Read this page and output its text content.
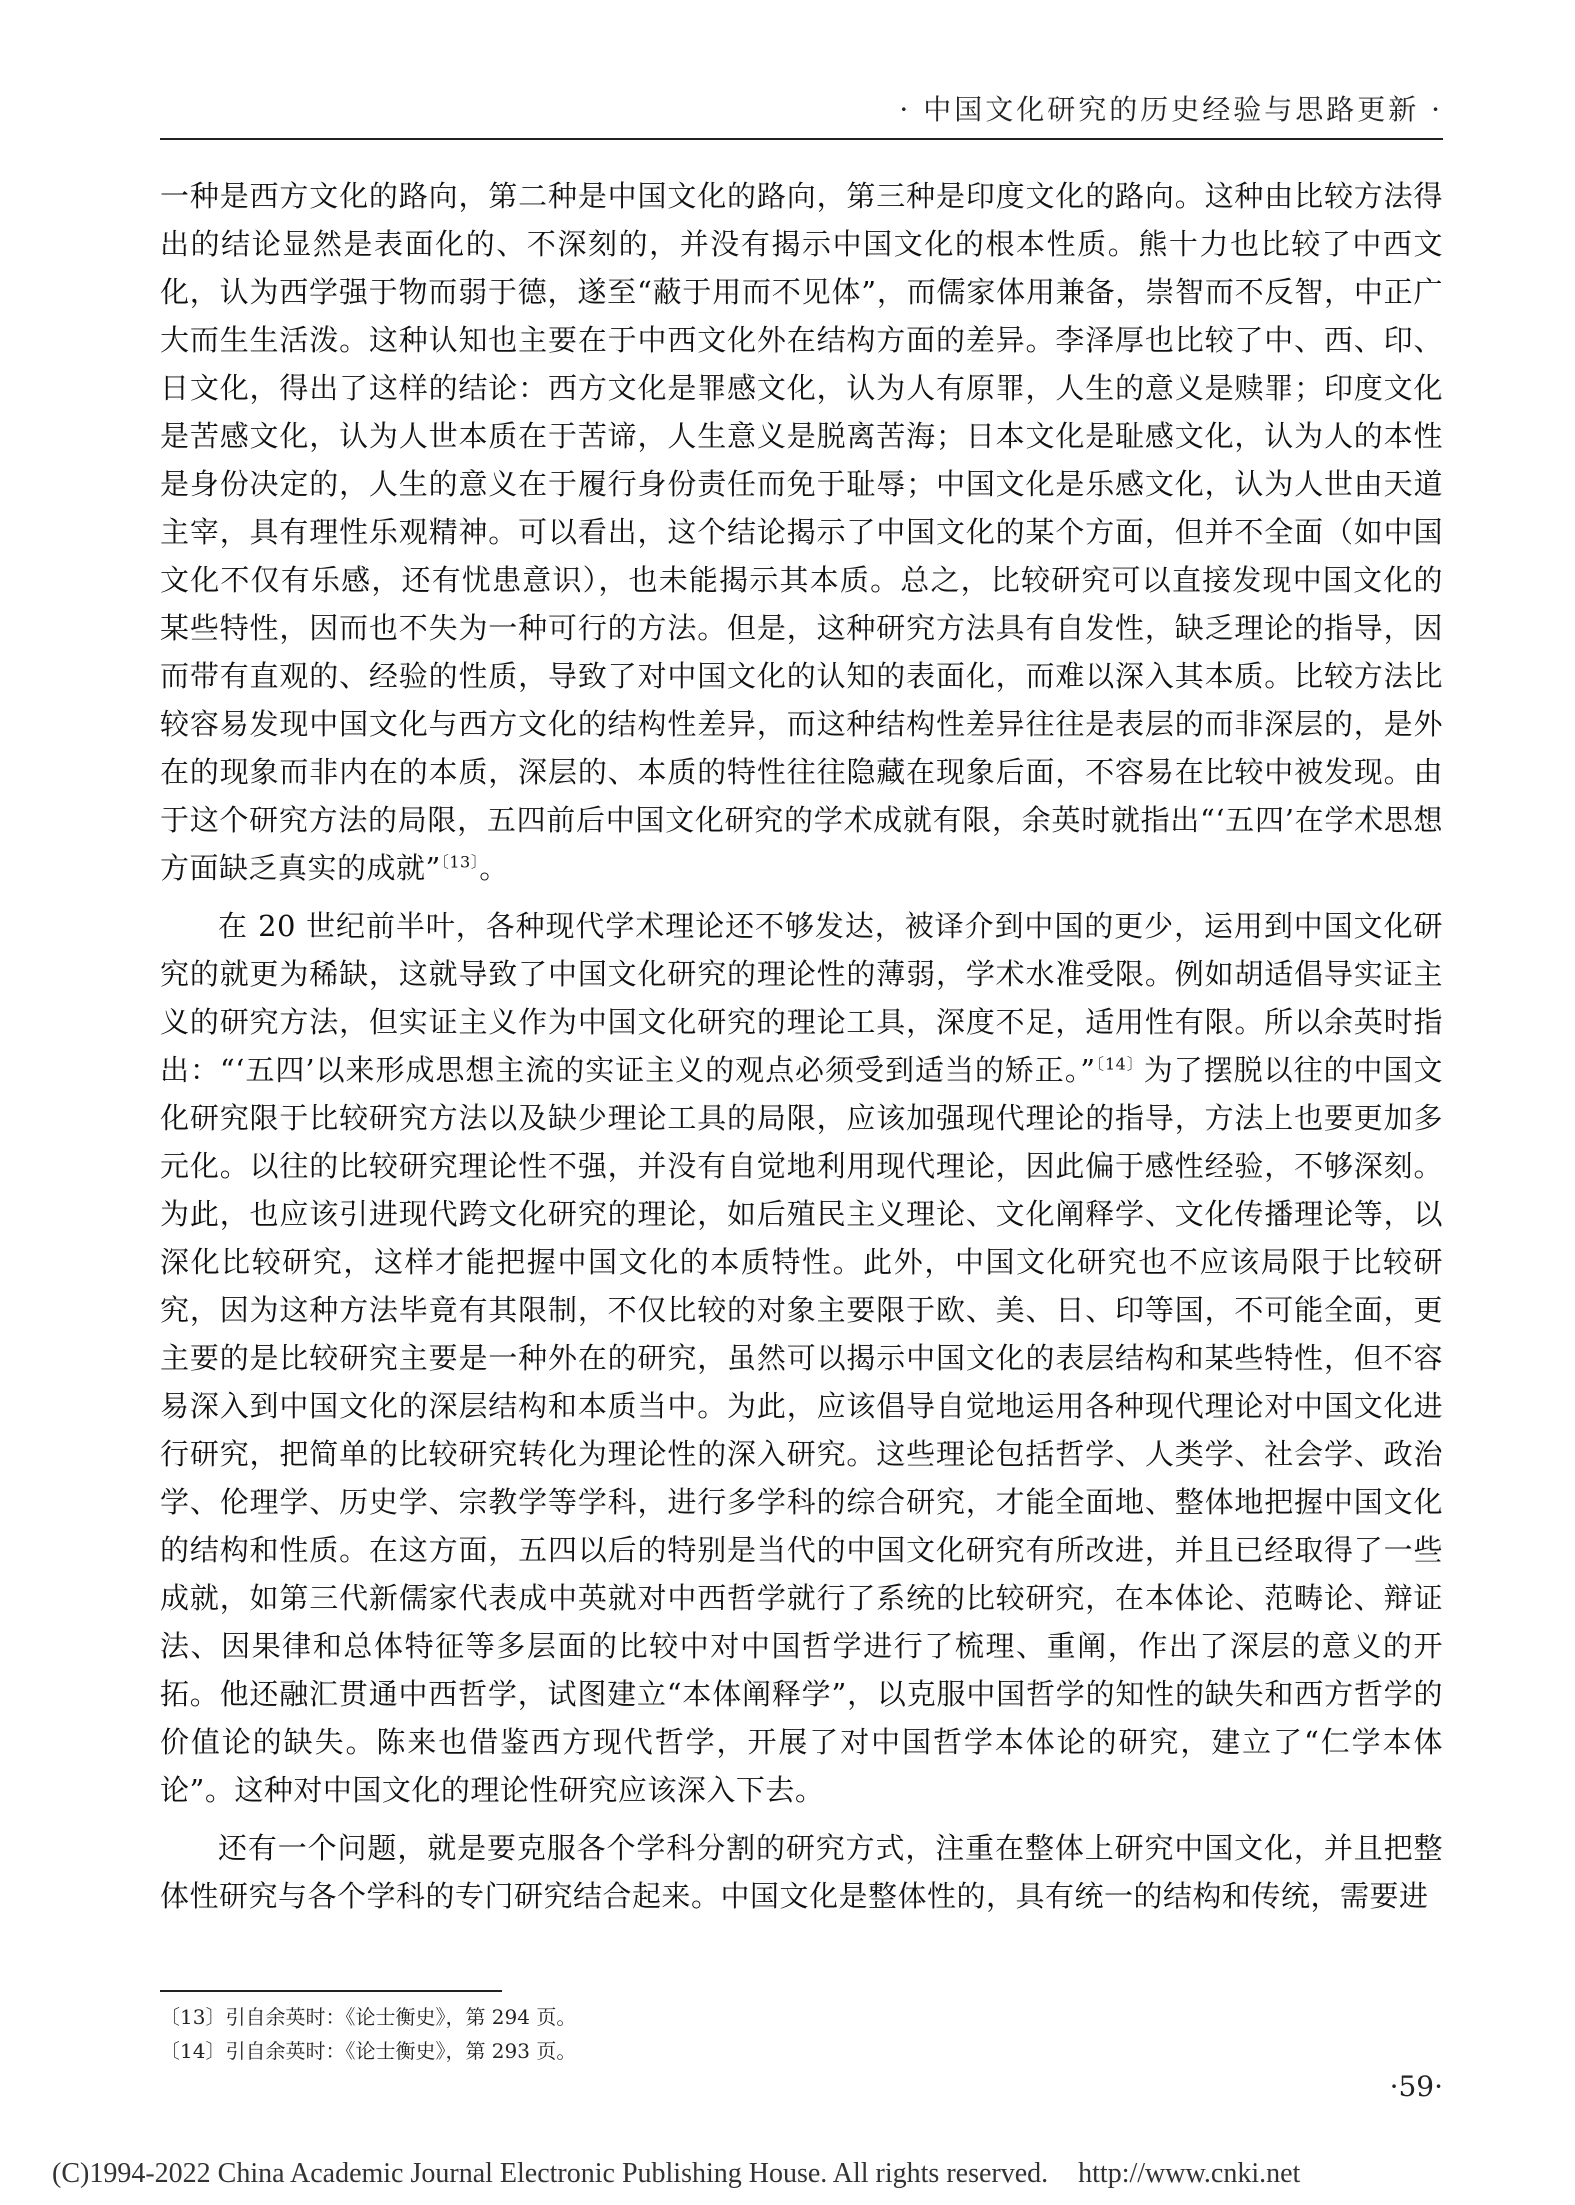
· 中国文化研究的历史经验与思路更新 ·

一种是西方文化的路向，第二种是中国文化的路向，第三种是印度文化的路向。这种由比较方法得出的结论显然是表面化的、不深刻的，并没有揭示中国文化的根本性质。熊十力也比较了中西文化，认为西学强于物而弱于德，遂至“蔽于用而不见体”，而儒家体用兼备，崇智而不反智，中正广大而生生活泼。这种认知也主要在于中西文化外在结构方面的差异。李泽厚也比较了中、西、印、日文化，得出了这样的结论：西方文化是罪感文化，认为人有原罪，人生的意义是赎罪；印度文化是苦感文化，认为人世本质在于苦谛，人生意义是脱离苦海；日本文化是耻感文化，认为人的本性是身份决定的，人生的意义在于履行身份责任而免于耻辱；中国文化是乐感文化，认为人世由天道主宰，具有理性乐观精神。可以看出，这个结论揭示了中国文化的某个方面，但并不全面（如中国文化不仅有乐感，还有忧患意识），也未能揭示其本质。总之，比较研究可以直接发现中国文化的某些特性，因而也不失为一种可行的方法。但是，这种研究方法具有自发性，缺乏理论的指导，因而带有直观的、经验的性质，导致了对中国文化的认知的表面化，而难以深入其本质。比较方法比较容易发现中国文化与西方文化的结构性差异，而这种结构性差异往往是表层的而非深层的，是外在的现象而非内在的本质，深层的、本质的特性往往隐藏在现象后面，不容易在比较中被发现。由于这个研究方法的局限，五四前后中国文化研究的学术成就有限，余英时就指出“‘五四’在学术思想方面缺乏真实的成就”$^{〔13〕}$。

在 20 世纪前半叶，各种现代学术理论还不够发达，被译介到中国的更少，运用到中国文化研究的就更为稀缺，这就导致了中国文化研究的理论性的薄弱，学术水准受限。例如胡适倡导实证主义的研究方法，但实证主义作为中国文化研究的理论工具，深度不足，适用性有限。所以余英时指出：“‘五四’以来形成思想主流的实证主义的观点必须受到适当的矫正。”$^{〔14〕}$为了摆脱以往的中国文化研究限于比较研究方法以及缺少理论工具的局限，应该加强现代理论的指导，方法上也要更加多元化。以往的比较研究理论性不强，并没有自觉地利用现代理论，因此偏于感性经验，不够深刻。为此，也应该引进现代跨文化研究的理论，如后殖民主义理论、文化阐释学、文化传播理论等，以深化比较研究，这样才能把握中国文化的本质特性。此外，中国文化研究也不应该局限于比较研究，因为这种方法毕竟有其限制，不仅比较的对象主要限于欧、美、日、印等国，不可能全面，更主要的是比较研究主要是一种外在的研究，虽然可以揭示中国文化的表层结构和某些特性，但不容易深入到中国文化的深层结构和本质当中。为此，应该倡导自觉地运用各种现代理论对中国文化进行研究，把简单的比较研究转化为理论性的深入研究。这些理论包括哲学、人类学、社会学、政治学、伦理学、历史学、宗教学等学科，进行多学科的综合研究，才能全面地、整体地把握中国文化的结构和性质。在这方面，五四以后的特别是当代的中国文化研究有所改进，并且已经取得了一些成就，如第三代新儒家代表成中英就对中西哲学就行了系统的比较研究，在本体论、范畴论、辩证法、因果律和总体特征等多层面的比较中对中国哲学进行了梳理、重阐，作出了深层的意义的开拓。他还融汇贯通中西哲学，试图建立“本体阐释学”，以克服中国哲学的知性的缺失和西方哲学的价值论的缺失。陈来也借鉴西方现代哲学，开展了对中国哲学本体论的研究，建立了“仁学本体论”。这种对中国文化的理论性研究应该深入下去。

还有一个问题，就是要克服各个学科分割的研究方式，注重在整体上研究中国文化，并且把整体性研究与各个学科的专门研究结合起来。中国文化是整体性的，具有统一的结构和传统，需要进

〔13〕引自余英时：《论士衡史》，第 294 页。
〔14〕引自余英时：《论士衡史》，第 293 页。
·59·
(C)1994-2022 China Academic Journal Electronic Publishing House. All rights reserved. http://www.cnki.net
